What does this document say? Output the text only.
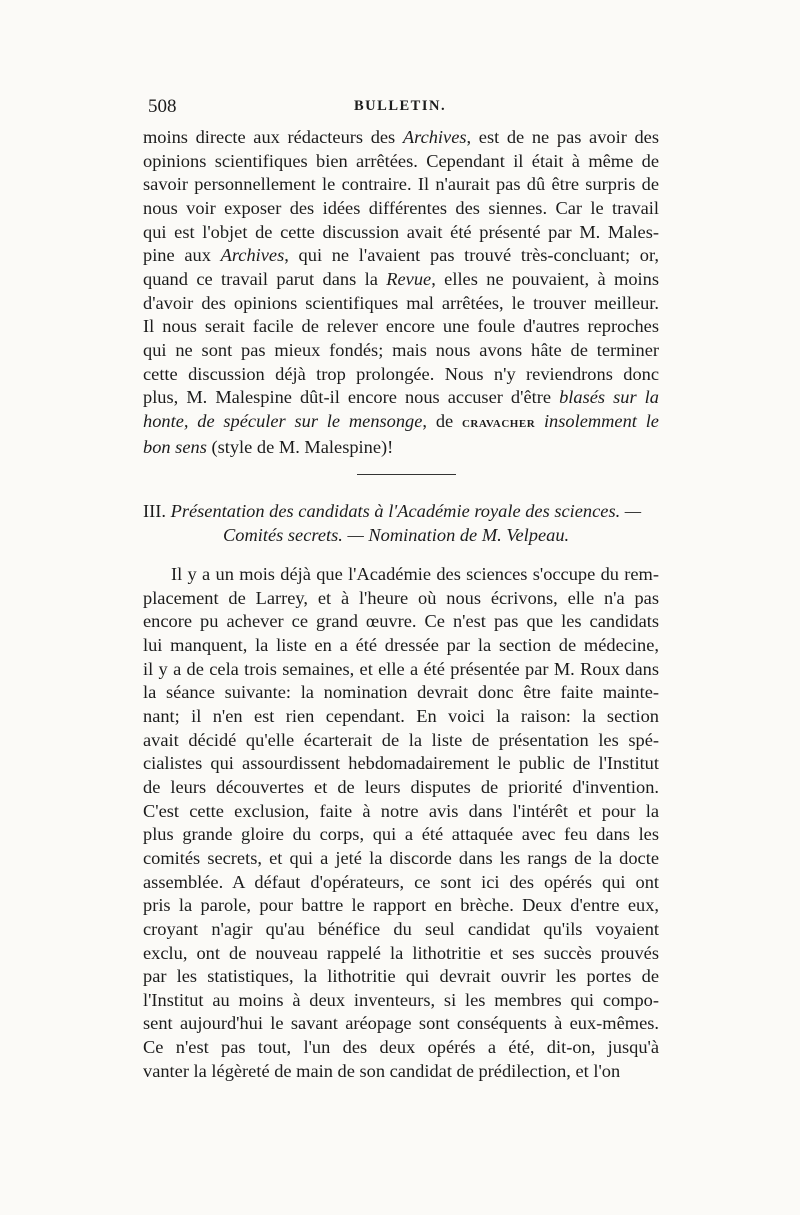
508	BULLETIN.
moins directe aux rédacteurs des Archives, est de ne pas avoir des
opinions scientifiques bien arrêtées. Cependant il était à même de
savoir personnellement le contraire. Il n'aurait pas dû être surpris de
nous voir exposer des idées différentes des siennes. Car le travail
qui est l'objet de cette discussion avait été présenté par M. Males-
pine aux Archives, qui ne l'avaient pas trouvé très-concluant; or,
quand ce travail parut dans la Revue, elles ne pouvaient, à moins
d'avoir des opinions scientifiques mal arrêtées, le trouver meilleur.
Il nous serait facile de relever encore une foule d'autres reproches
qui ne sont pas mieux fondés; mais nous avons hâte de terminer
cette discussion déjà trop prolongée. Nous n'y reviendrons donc
plus, M. Malespine dût-il encore nous accuser d'être blasés sur la
honte, de spéculer sur le mensonge, de cravacher insolemment le
bon sens (style de M. Malespine)!
III. Présentation des candidats à l'Académie royale des sciences. —
Comités secrets. — Nomination de M. Velpeau.
Il y a un mois déjà que l'Académie des sciences s'occupe du rem-
placement de Larrey, et à l'heure où nous écrivons, elle n'a pas
encore pu achever ce grand œuvre. Ce n'est pas que les candidats
lui manquent, la liste en a été dressée par la section de médecine,
il y a de cela trois semaines, et elle a été présentée par M. Roux dans
la séance suivante: la nomination devrait donc être faite mainte-
nant; il n'en est rien cependant. En voici la raison: la section
avait décidé qu'elle écarterait de la liste de présentation les spé-
cialistes qui assourdissent hebdomadairement le public de l'Institut
de leurs découvertes et de leurs disputes de priorité d'invention.
C'est cette exclusion, faite à notre avis dans l'intérêt et pour la
plus grande gloire du corps, qui a été attaquée avec feu dans les
comités secrets, et qui a jeté la discorde dans les rangs de la docte
assemblée. A défaut d'opérateurs, ce sont ici des opérés qui ont
pris la parole, pour battre le rapport en brèche. Deux d'entre eux,
croyant n'agir qu'au bénéfice du seul candidat qu'ils voyaient
exclu, ont de nouveau rappelé la lithotritie et ses succès prouvés
par les statistiques, la lithotritie qui devrait ouvrir les portes de
l'Institut au moins à deux inventeurs, si les membres qui compo-
sent aujourd'hui le savant aréopage sont conséquents à eux-mêmes.
Ce n'est pas tout, l'un des deux opérés a été, dit-on, jusqu'à
vanter la légèreté de main de son candidat de prédilection, et l'on
